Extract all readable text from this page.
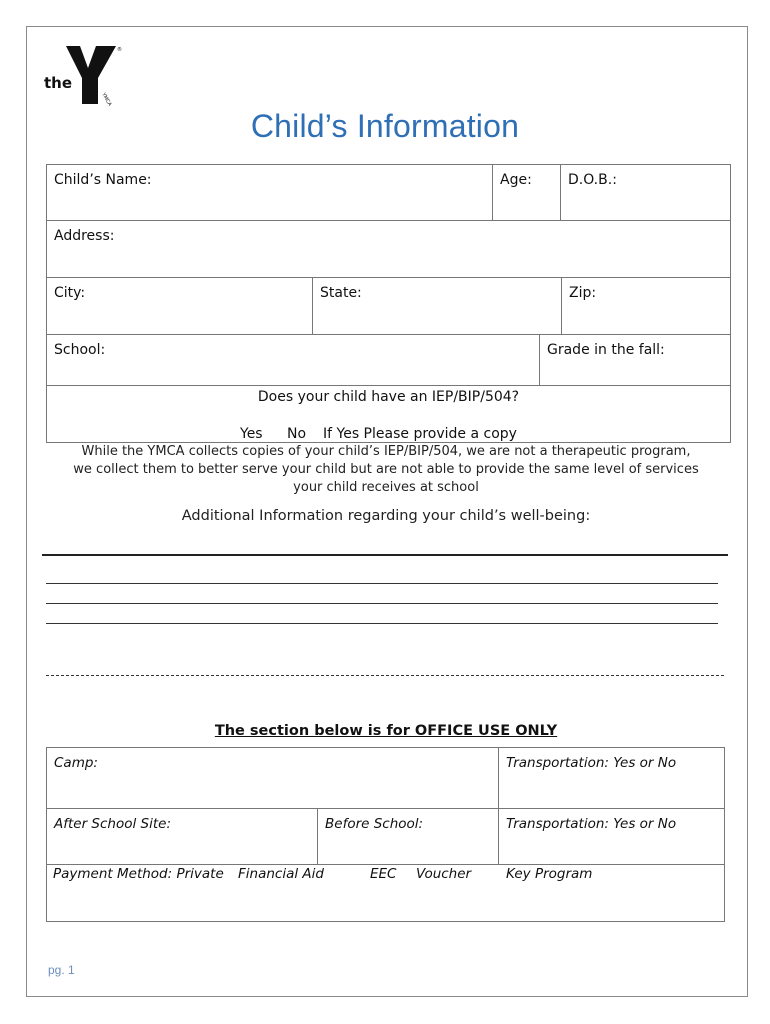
the
YMCA
®
Child’s Information
Child’s Name:	Age:	D.O.B.:
Address:
City:	State:	Zip:
School:	Grade in the fall:
Does your child have an IEP/BIP/504?
Yes No If Yes Please provide a copy
While the YMCA collects copies of your child’s IEP/BIP/504, we are not a therapeutic program,
we collect them to better serve your child but are not able to provide the same level of services
your child receives at school
Additional Information regarding your child’s well-being:
The section below is for OFFICE USE ONLY
Camp:	Transportation: Yes or No
After School Site:	Before School:	Transportation: Yes or No
Payment Method: Private Financial Aid	EEC Voucher	Key Program
pg. 1
